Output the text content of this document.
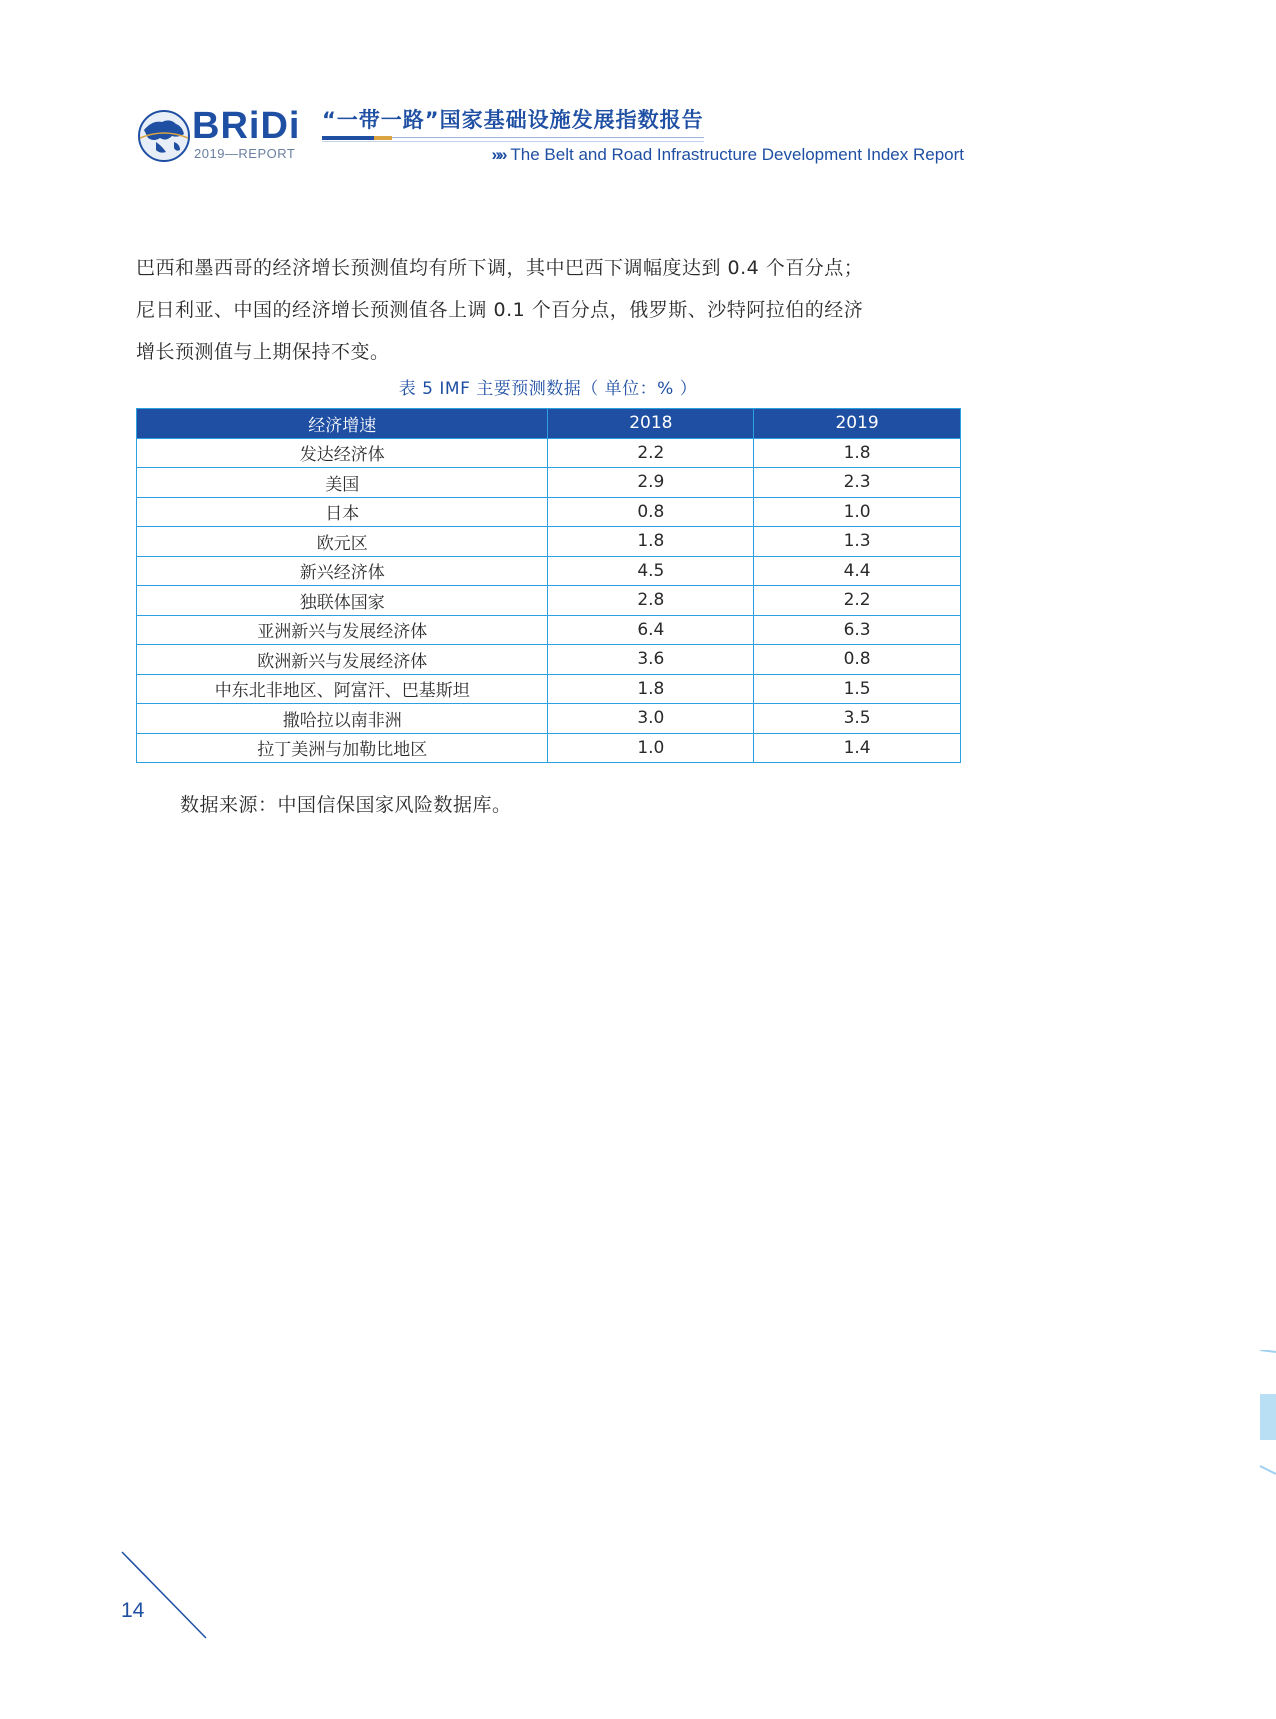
BRiDi
2019—REPORT
“一带一路”国家基础设施发展指数报告
»» The Belt and Road Infrastructure Development Index Report
巴西和墨西哥的经济增长预测值均有所下调，其中巴西下调幅度达到 0.4 个百分点；
尼日利亚、中国的经济增长预测值各上调 0.1 个百分点，俄罗斯、沙特阿拉伯的经济
增长预测值与上期保持不变。
表 5 IMF 主要预测数据（ 单位：% ）
经济增速	2018	2019
发达经济体	2.2	1.8
美国	2.9	2.3
日本	0.8	1.0
欧元区	1.8	1.3
新兴经济体	4.5	4.4
独联体国家	2.8	2.2
亚洲新兴与发展经济体	6.4	6.3
欧洲新兴与发展经济体	3.6	0.8
中东北非地区、阿富汗、巴基斯坦	1.8	1.5
撒哈拉以南非洲	3.0	3.5
拉丁美洲与加勒比地区	1.0	1.4
数据来源：中国信保国家风险数据库。
14
